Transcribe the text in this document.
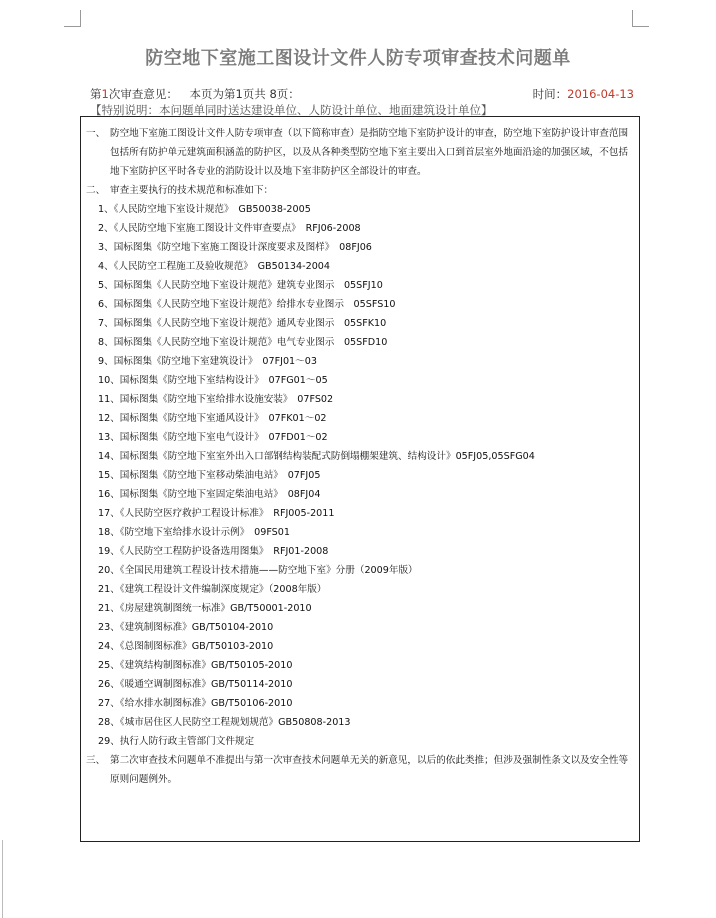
防空地下室施工图设计文件人防专项审查技术问题单
第1次审查意见： 本页为第1页共 8页：	时间：2016-04-13
【特别说明：本问题单同时送达建设单位、人防设计单位、地面建筑设计单位】
一、 防空地下室施工图设计文件人防专项审查（以下简称审查）是指防空地下室防护设计的审查，防空地下室防护设计审查范围包括所有防护单元建筑面积涵盖的防护区，以及从各种类型防空地下室主要出入口到首层室外地面沿途的加强区域，不包括地下室防护区平时各专业的消防设计以及地下室非防护区全部设计的审查。
二、 审查主要执行的技术规范和标准如下：
1、《人民防空地下室设计规范》　GB50038-2005
2、《人民防空地下室施工图设计文件审查要点》　RFJ06-2008
3、国标图集《防空地下室施工图设计深度要求及图样》　08FJ06
4、《人民防空工程施工及验收规范》　GB50134-2004
5、国标图集《人民防空地下室设计规范》建筑专业图示　05SFJ10
6、国标图集《人民防空地下室设计规范》给排水专业图示　05SFS10
7、国标图集《人民防空地下室设计规范》通风专业图示　05SFK10
8、国标图集《人民防空地下室设计规范》电气专业图示　05SFD10
9、国标图集《防空地下室建筑设计》　07FJ01～03
10、国标图集《防空地下室结构设计》　07FG01～05
11、国标图集《防空地下室给排水设施安装》　07FS02
12、国标图集《防空地下室通风设计》　07FK01～02
13、国标图集《防空地下室电气设计》　07FD01～02
14、国标图集《防空地下室室外出入口部钢结构装配式防倒塌棚架建筑、结构设计》05FJ05,05SFG04
15、国标图集《防空地下室移动柴油电站》　07FJ05
16、国标图集《防空地下室固定柴油电站》　08FJ04
17、《人民防空医疗救护工程设计标准》　RFJ005-2011
18、《防空地下室给排水设计示例》　09FS01
19、《人民防空工程防护设备选用图集》　RFJ01-2008
20、《全国民用建筑工程设计技术措施——防空地下室》分册（2009年版）
21、《建筑工程设计文件编制深度规定》（2008年版）
21、《房屋建筑制图统一标准》GB/T50001-2010
23、《建筑制图标准》GB/T50104-2010
24、《总图制图标准》GB/T50103-2010
25、《建筑结构制图标准》GB/T50105-2010
26、《暖通空调制图标准》GB/T50114-2010
27、《给水排水制图标准》GB/T50106-2010
28、《城市居住区人民防空工程规划规范》GB50808-2013
29、执行人防行政主管部门文件规定
三、 第二次审查技术问题单不准提出与第一次审查技术问题单无关的新意见，以后的依此类推；但涉及强制性条文以及安全性等原则问题例外。
